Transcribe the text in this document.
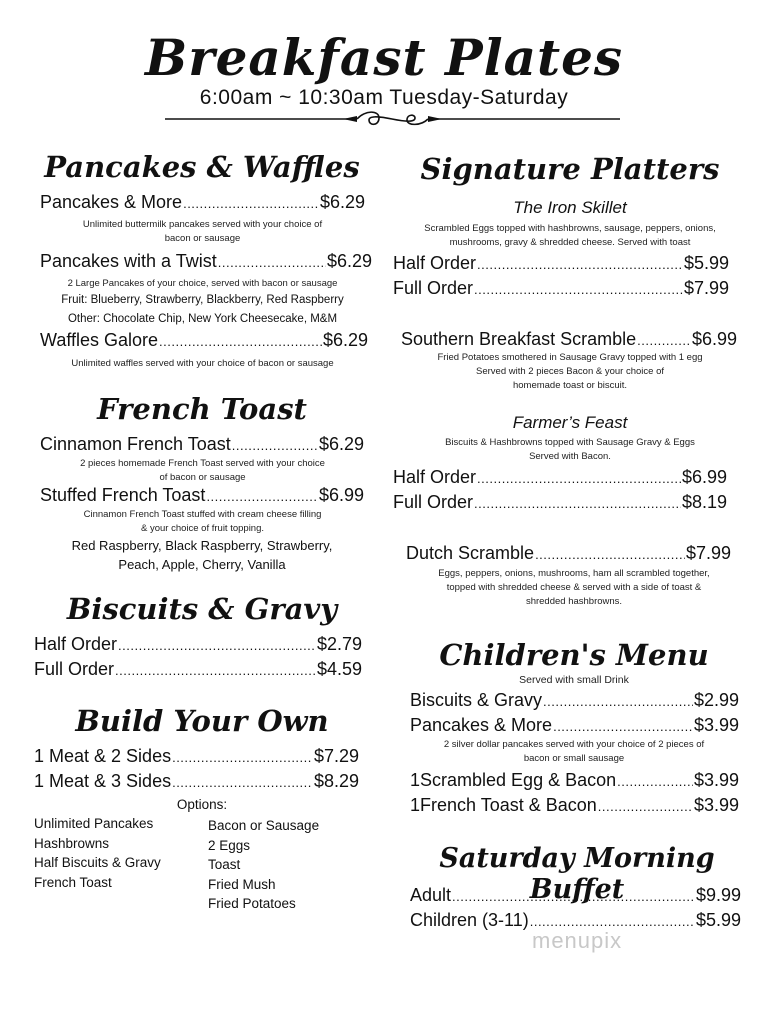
Breakfast Plates
6:00am ~ 10:30am Tuesday-Saturday
Pancakes & Waffles
Pancakes & More .....	$6.29
Unlimited buttermilk pancakes served with your choice of
bacon or sausage
Pancakes with a Twist .....	$6.29
2 Large Pancakes of your choice, served with bacon or sausage
Fruit: Blueberry, Strawberry, Blackberry, Red Raspberry
Other: Chocolate Chip, New York Cheesecake, M&M
Waffles Galore .....	$6.29
Unlimited waffles served with your choice of bacon or sausage
French Toast
Cinnamon French Toast .....	$6.29
2 pieces homemade French Toast served with your choice
of bacon or sausage
Stuffed French Toast .....	$6.99
Cinnamon French Toast stuffed with cream cheese filling
& your choice of fruit topping.
Red Raspberry, Black Raspberry, Strawberry,
Peach, Apple, Cherry, Vanilla
Biscuits & Gravy
Half Order .....	$2.79
Full Order .....	$4.59
Build Your Own
1 Meat & 2 Sides .....	$7.29
1 Meat & 3 Sides .....	$8.29
Options:
Unlimited Pancakes
Hashbrowns
Half Biscuits & Gravy
French Toast
Bacon or Sausage
2 Eggs
Toast
Fried Mush
Fried Potatoes
Signature Platters
The Iron Skillet
Scrambled Eggs topped with hashbrowns, sausage, peppers, onions,
mushrooms, gravy & shredded cheese. Served with toast
Half Order .....	$5.99
Full Order .....	$7.99
Southern Breakfast Scramble .....	$6.99
Fried Potatoes smothered in Sausage Gravy topped with 1 egg
Served with 2 pieces Bacon & your choice of
homemade toast or biscuit.
Farmer’s Feast
Biscuits & Hashbrowns topped with Sausage Gravy & Eggs
Served with Bacon.
Half Order .....	$6.99
Full Order .....	$8.19
Dutch Scramble .....	$7.99
Eggs, peppers, onions, mushrooms, ham all scrambled together,
topped with shredded cheese & served with a side of toast &
shredded hashbrowns.
Children's Menu
Served with small Drink
Biscuits & Gravy .....	$2.99
Pancakes & More .....	$3.99
2 silver dollar pancakes served with your choice of 2 pieces of
bacon or small sausage
1Scrambled Egg & Bacon .....	$3.99
1French Toast & Bacon .....	$3.99
Saturday Morning Buffet
Adult .....	$9.99
Children (3-11) .....	$5.99
menupix
